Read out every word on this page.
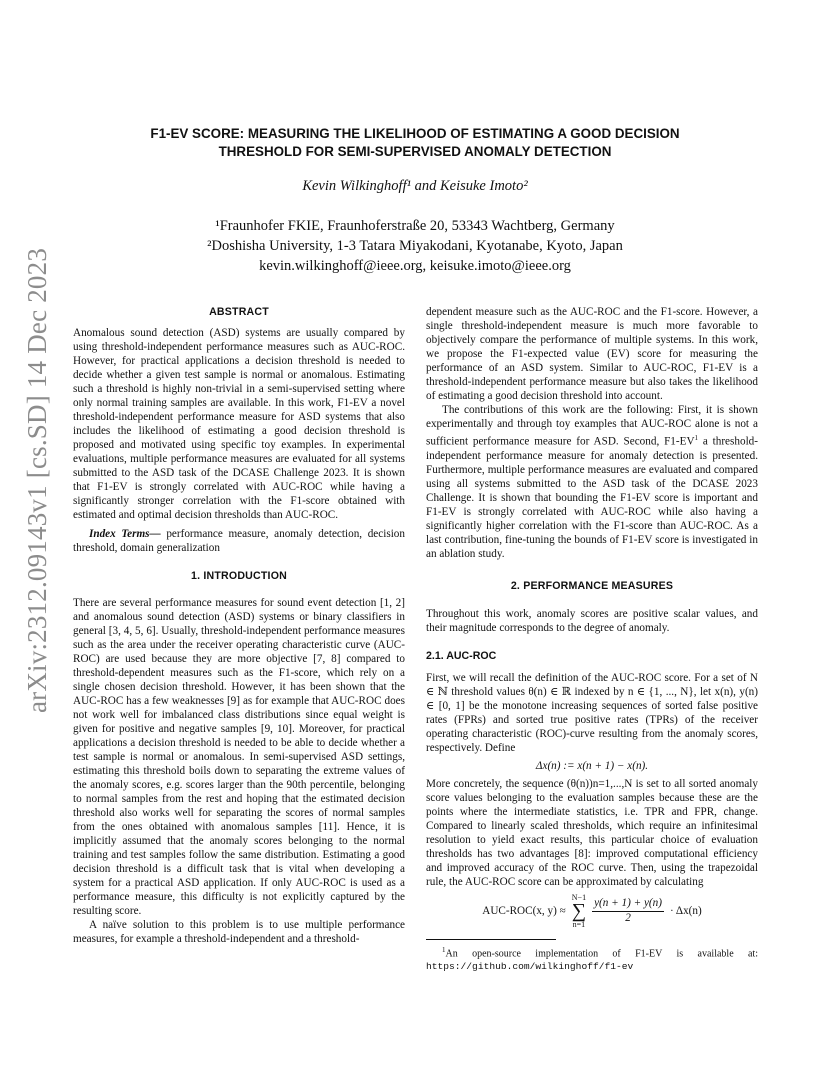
arXiv:2312.09143v1 [cs.SD] 14 Dec 2023
F1-EV SCORE: MEASURING THE LIKELIHOOD OF ESTIMATING A GOOD DECISION
THRESHOLD FOR SEMI-SUPERVISED ANOMALY DETECTION
Kevin Wilkinghoff¹ and Keisuke Imoto²
¹Fraunhofer FKIE, Fraunhoferstraße 20, 53343 Wachtberg, Germany
²Doshisha University, 1-3 Tatara Miyakodani, Kyotanabe, Kyoto, Japan
kevin.wilkinghoff@ieee.org, keisuke.imoto@ieee.org
ABSTRACT

Anomalous sound detection (ASD) systems are usually compared by using threshold-independent performance measures such as AUC-ROC. However, for practical applications a decision threshold is needed to decide whether a given test sample is normal or anomalous. Estimating such a threshold is highly non-trivial in a semi-supervised setting where only normal training samples are available. In this work, F1-EV a novel threshold-independent performance measure for ASD systems that also includes the likelihood of estimating a good decision threshold is proposed and motivated using specific toy examples. In experimental evaluations, multiple performance measures are evaluated for all systems submitted to the ASD task of the DCASE Challenge 2023. It is shown that F1-EV is strongly correlated with AUC-ROC while having a significantly stronger correlation with the F1-score obtained with estimated and optimal decision thresholds than AUC-ROC.

Index Terms— performance measure, anomaly detection, decision threshold, domain generalization

1. INTRODUCTION

There are several performance measures for sound event detection [1, 2] and anomalous sound detection (ASD) systems or binary classifiers in general [3, 4, 5, 6]. Usually, threshold-independent performance measures such as the area under the receiver operating characteristic curve (AUC-ROC) are used because they are more objective [7, 8] compared to threshold-dependent measures such as the F1-score, which rely on a single chosen decision threshold. However, it has been shown that the AUC-ROC has a few weaknesses [9] as for example that AUC-ROC does not work well for imbalanced class distributions since equal weight is given for positive and negative samples [9, 10]. Moreover, for practical applications a decision threshold is needed to be able to decide whether a test sample is normal or anomalous. In semi-supervised ASD settings, estimating this threshold boils down to separating the extreme values of the anomaly scores, e.g. scores larger than the 90th percentile, belonging to normal samples from the rest and hoping that the estimated decision threshold also works well for separating the scores of normal samples from the ones obtained with anomalous samples [11]. Hence, it is implicitly assumed that the anomaly scores belonging to the normal training and test samples follow the same distribution. Estimating a good decision threshold is a difficult task that is vital when developing a system for a practical ASD application. If only AUC-ROC is used as a performance measure, this difficulty is not explicitly captured by the resulting score.

A naïve solution to this problem is to use multiple performance measures, for example a threshold-independent and a threshold-

dependent measure such as the AUC-ROC and the F1-score. However, a single threshold-independent measure is much more favorable to objectively compare the performance of multiple systems. In this work, we propose the F1-expected value (EV) score for measuring the performance of an ASD system. Similar to AUC-ROC, F1-EV is a threshold-independent performance measure but also takes the likelihood of estimating a good decision threshold into account.

The contributions of this work are the following: First, it is shown experimentally and through toy examples that AUC-ROC alone is not a sufficient performance measure for ASD. Second, $F1-EV^1$ a threshold-independent performance measure for anomaly detection is presented. Furthermore, multiple performance measures are evaluated and compared using all systems submitted to the ASD task of the DCASE 2023 Challenge. It is shown that bounding the F1-EV score is important and F1-EV is strongly correlated with AUC-ROC while also having a significantly higher correlation with the F1-score than AUC-ROC. As a last contribution, fine-tuning the bounds of F1-EV score is investigated in an ablation study.

2. PERFORMANCE MEASURES

Throughout this work, anomaly scores are positive scalar values, and their magnitude corresponds to the degree of anomaly.

2.1. AUC-ROC

First, we will recall the definition of the AUC-ROC score. For a set of N ∈ ℕ threshold values θ(n) ∈ ℝ indexed by n ∈ {1, ..., N}, let x(n), y(n) ∈ [0, 1] be the monotone increasing sequences of sorted false positive rates (FPRs) and sorted true positive rates (TPRs) of the receiver operating characteristic (ROC)-curve resulting from the anomaly scores, respectively. Define

Δx(n) := x(n + 1) − x(n).

More concretely, the sequence (θ(n))n=1,...,N is set to all sorted anomaly score values belonging to the evaluation samples because these are the points where the intermediate statistics, i.e. TPR and FPR, change. Compared to linearly scaled thresholds, which require an infinitesimal resolution to yield exact results, this particular choice of evaluation thresholds has two advantages [8]: improved computational efficiency and improved accuracy of the ROC curve. Then, using the trapezoidal rule, the AUC-ROC score can be approximated by calculating

AUC-ROC(x, y) ≈
N−1
∑
$n=1 \frac{y(n + 1) + y(n)}{2} \cdot \Delta x(n)$

$^1$An open-source implementation of F1-EV is available at: https://github.com/wilkinghoff/f1-ev
